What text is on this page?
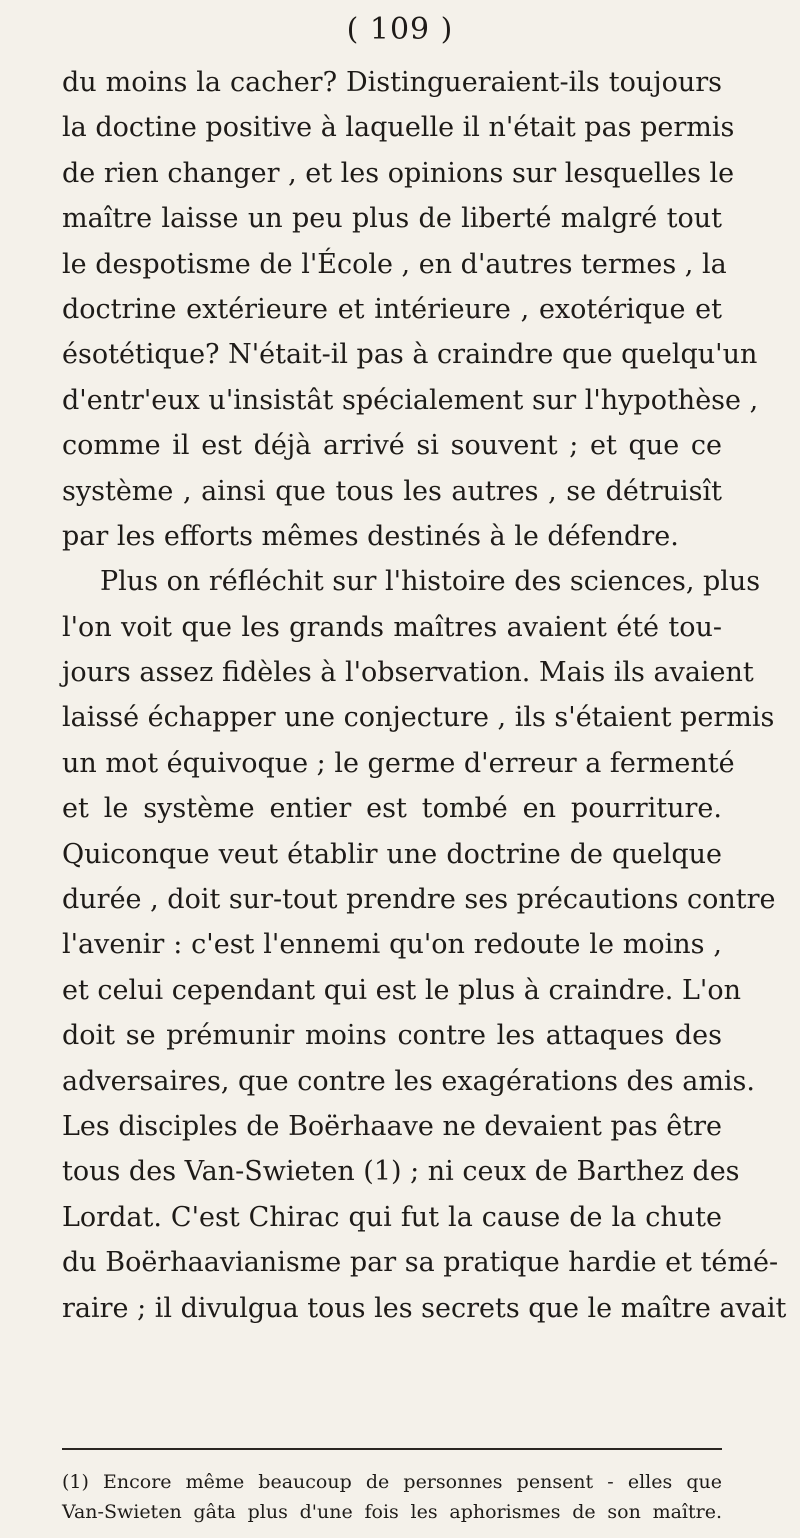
( 109 )
du moins la cacher? Distingueraient-ils toujours
la doctine positive à laquelle il n'était pas permis
de rien changer , et les opinions sur lesquelles le
maître laisse un peu plus de liberté malgré tout
le despotisme de l'École , en d'autres termes , la
doctrine extérieure et intérieure , exotérique et
ésotétique? N'était-il pas à craindre que quelqu'un
d'entr'eux u'insistât spécialement sur l'hypothèse ,
comme il est déjà arrivé si souvent ; et que ce
système , ainsi que tous les autres , se détruisît
par les efforts mêmes destinés à le défendre.
Plus on réfléchit sur l'histoire des sciences, plus
l'on voit que les grands maîtres avaient été tou-
jours assez fidèles à l'observation. Mais ils avaient
laissé échapper une conjecture , ils s'étaient permis
un mot équivoque ; le germe d'erreur a fermenté
et le système entier est tombé en pourriture.
Quiconque veut établir une doctrine de quelque
durée , doit sur-tout prendre ses précautions contre
l'avenir : c'est l'ennemi qu'on redoute le moins ,
et celui cependant qui est le plus à craindre. L'on
doit se prémunir moins contre les attaques des
adversaires, que contre les exagérations des amis.
Les disciples de Boërhaave ne devaient pas être
tous des Van-Swieten (1) ; ni ceux de Barthez des
Lordat. C'est Chirac qui fut la cause de la chute
du Boërhaavianisme par sa pratique hardie et témé-
raire ; il divulgua tous les secrets que le maître avait
(1) Encore même beaucoup de personnes pensent - elles que
Van-Swieten gâta plus d'une fois les aphorismes de son maître.
